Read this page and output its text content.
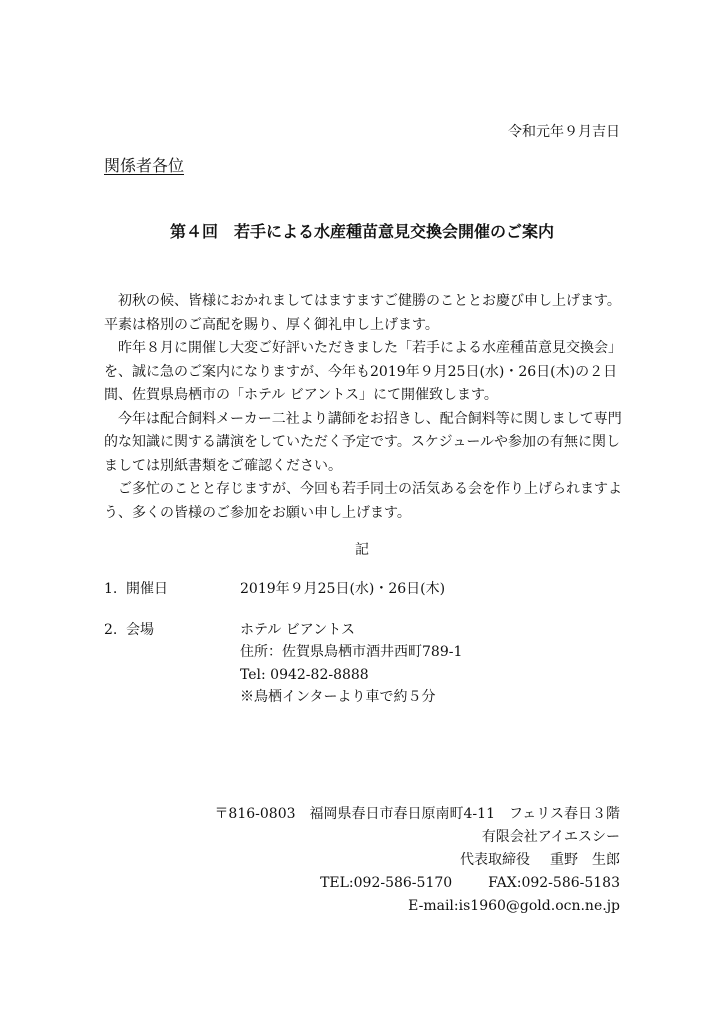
令和元年９月吉日
関係者各位
第４回　若手による水産種苗意見交換会開催のご案内

初秋の候、皆様におかれましてはますますご健勝のこととお慶び申し上げます。平素は格別のご高配を賜り、厚く御礼申し上げます。

昨年８月に開催し大変ご好評いただきました「若手による水産種苗意見交換会」を、誠に急のご案内になりますが、今年も2019年９月25日(水)・26日(木)の２日間、佐賀県鳥栖市の「ホテル ビアントス」にて開催致します。

今年は配合飼料メーカー二社より講師をお招きし、配合飼料等に関しまして専門的な知識に関する講演をしていただく予定です。スケジュールや参加の有無に関しましては別紙書類をご確認ください。

ご多忙のことと存じますが、今回も若手同士の活気ある会を作り上げられますよう、多くの皆様のご参加をお願い申し上げます。

記
1. 開催日	2019年９月25日(水)・26日(木)
2. 会場	ホテル ビアントス
住所：佐賀県鳥栖市酒井西町789-1
Tel: 0942-82-8888
※鳥栖インターより車で約５分
〒816-0803　福岡県春日市春日原南町4-11　フェリス春日３階
有限会社アイエスシー
代表取締役 重野　生郎
TEL:092-586-5170	FAX:092-586-5183
E-mail:is1960@gold.ocn.ne.jp
